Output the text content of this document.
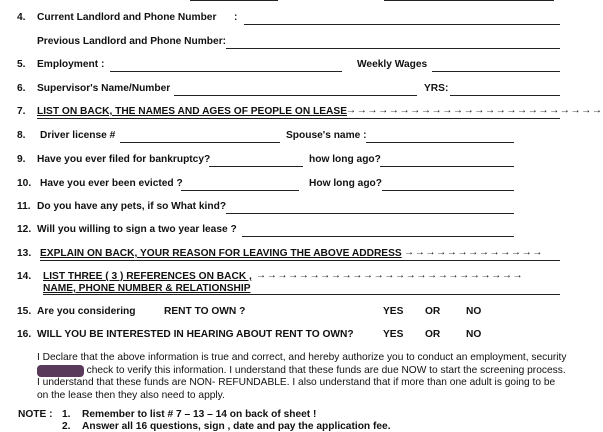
4. Current Landlord and Phone Number :
Previous Landlord and Phone Number:
5. Employment :	Weekly Wages
6. Supervisor's Name/Number	YRS:
7. LIST ON BACK, THE NAMES AND AGES OF PEOPLE ON LEASE →→→→→→→→→→→→→→→→→→→→→→→→
8. Driver license #	Spouse's name :
9. Have you ever filed for bankruptcy?	how long ago?
10. Have you ever been evicted ?	How long ago?
11. Do you have any pets, if so What kind?
12. Will you willing to sign a two year lease ?
13. EXPLAIN ON BACK, YOUR REASON FOR LEAVING THE ABOVE ADDRESS →→→→→→→→→→→→→
14. LIST THREE ( 3 ) REFERENCES ON BACK , →→→→→→→→→→→→→→→→→→→→→→→→→
NAME, PHONE NUMBER & RELATIONSHIP
15. Are you considering	RENT TO OWN ?	YES OR	NO
16. WILL YOU BE INTERESTED IN HEARING ABOUT RENT TO OWN?	YES OR	NO
I Declare that the above information is true and correct, and hereby authorize you to conduct an employment, security and credit check to verify this information. I understand that these funds are due NOW to start the screening process. I understand that these funds are NON- REFUNDABLE. I also understand that if more than one adult is going to be on the lease then they also need to apply.
NOTE : 1. Remember to list # 7 – 13 – 14 on back of sheet !
2. Answer all 16 questions, sign , date and pay the application fee.
